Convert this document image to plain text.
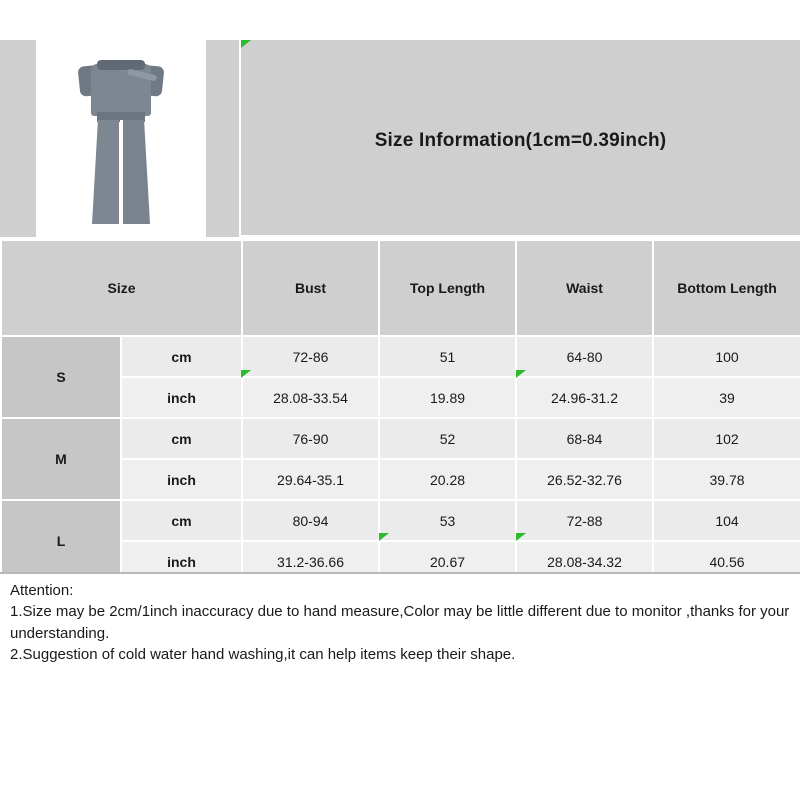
Size Information(1cm=0.39inch)
Size		Bust	Top Length	Waist	Bottom Length
S	cm	72-86	51	64-80	100
	inch	28.08-33.54	19.89	24.96-31.2	39
M	cm	76-90	52	68-84	102
	inch	29.64-35.1	20.28	26.52-32.76	39.78
L	cm	80-94	53	72-88	104
	inch	31.2-36.66	20.67	28.08-34.32	40.56

Attention:

1.Size may be 2cm/1inch inaccuracy due to hand measure,Color may be little different due to monitor ,thanks for your understanding.

2.Suggestion of cold water hand washing,it can help items keep their shape.
